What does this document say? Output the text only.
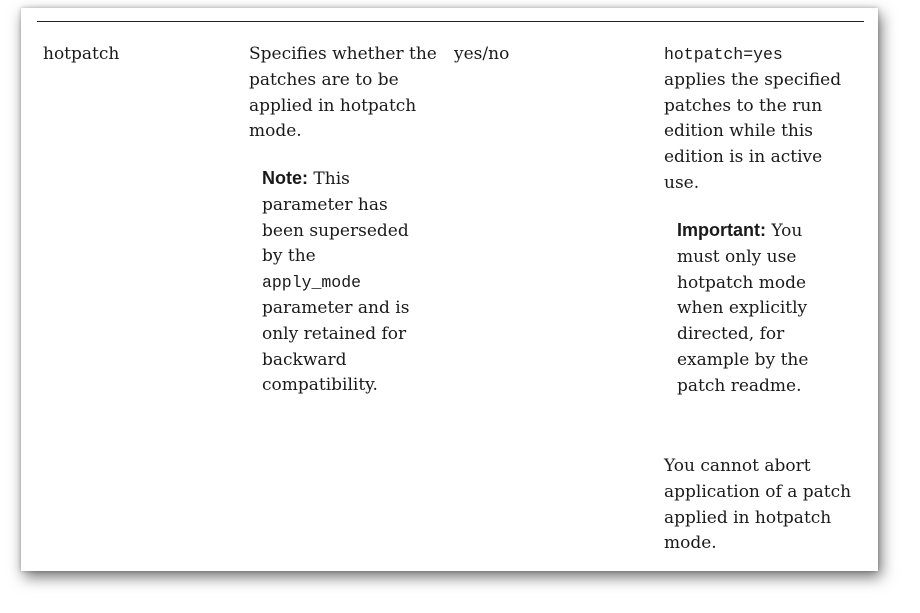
hotpatch	Specifies whether the
patches are to be
applied in hotpatch
mode.

Note: This
parameter has
been superseded
by the
apply_mode
parameter and is
only retained for
backward
compatibility.

yes/no	hotpatch=yes
applies the specified
patches to the run
edition while this
edition is in active
use.

Important: You
must only use
hotpatch mode
when explicitly
directed, for
example by the
patch readme.

You cannot abort
application of a patch
applied in hotpatch
mode.
